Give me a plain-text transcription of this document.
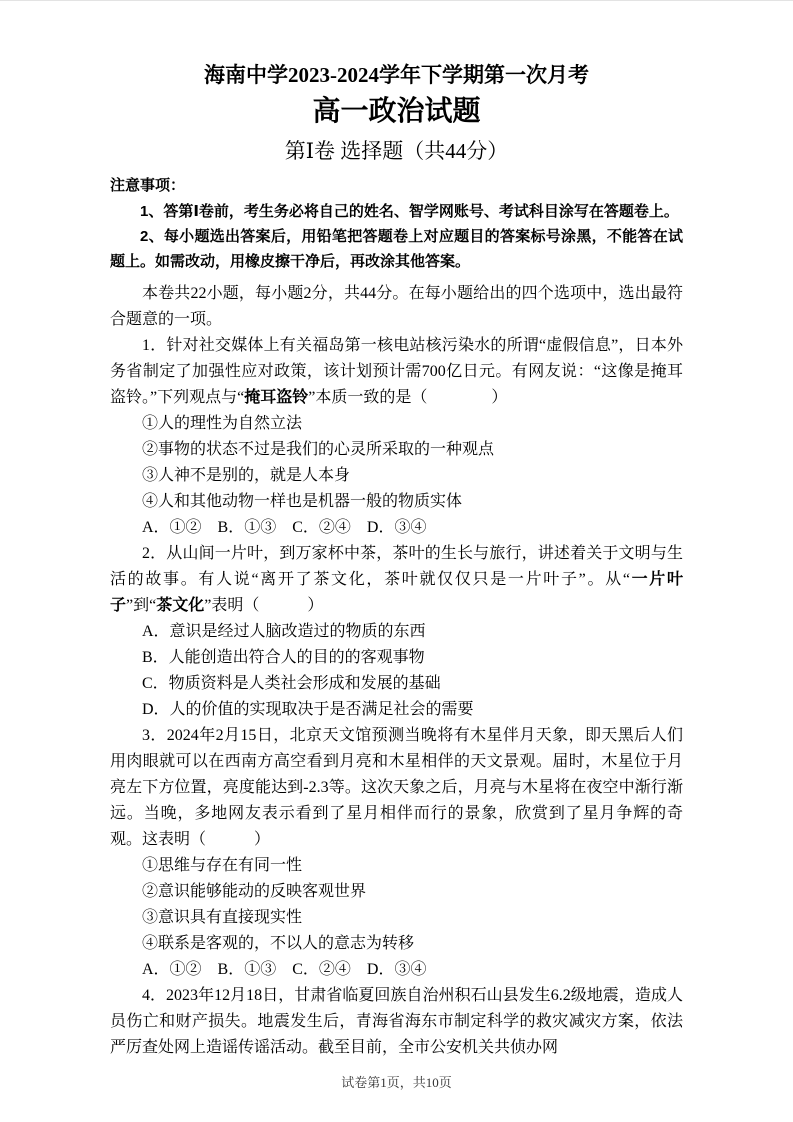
海南中学2023-2024学年下学期第一次月考
高一政治试题
第Ⅰ卷 选择题（共44分）
注意事项：

1、答第Ⅰ卷前，考生务必将自己的姓名、智学网账号、考试科目涂写在答题卷上。

2、每小题选出答案后，用铅笔把答题卷上对应题目的答案标号涂黑，不能答在试题上。如需改动，用橡皮擦干净后，再改涂其他答案。

本卷共22小题，每小题2分，共44分。在每小题给出的四个选项中，选出最符合题意的一项。

1．针对社交媒体上有关福岛第一核电站核污染水的所谓“虚假信息”，日本外务省制定了加强性应对政策，该计划预计需700亿日元。有网友说：“这像是掩耳盗铃。”下列观点与“掩耳盗铃”本质一致的是（　　　　）

①人的理性为自然立法

②事物的状态不过是我们的心灵所采取的一种观点

③人神不是别的，就是人本身

④人和其他动物一样也是机器一般的物质实体

A．①②　B．①③　C．②④　D．③④

2．从山间一片叶，到万家杯中茶，茶叶的生长与旅行，讲述着关于文明与生活的故事。有人说“离开了茶文化，茶叶就仅仅只是一片叶子”。从“一片叶子”到“茶文化”表明（　　　）

A．意识是经过人脑改造过的物质的东西

B．人能创造出符合人的目的的客观事物

C．物质资料是人类社会形成和发展的基础

D．人的价值的实现取决于是否满足社会的需要

3．2024年2月15日，北京天文馆预测当晚将有木星伴月天象，即天黑后人们用肉眼就可以在西南方高空看到月亮和木星相伴的天文景观。届时，木星位于月亮左下方位置，亮度能达到-2.3等。这次天象之后，月亮与木星将在夜空中渐行渐远。当晚，多地网友表示看到了星月相伴而行的景象，欣赏到了星月争辉的奇观。这表明（　　　）

①思维与存在有同一性

②意识能够能动的反映客观世界

③意识具有直接现实性

④联系是客观的，不以人的意志为转移

A．①②　B．①③　C．②④　D．③④

4．2023年12月18日，甘肃省临夏回族自治州积石山县发生6.2级地震，造成人员伤亡和财产损失。地震发生后，青海省海东市制定科学的救灾减灾方案，依法严厉查处网上造谣传谣活动。截至目前，全市公安机关共侦办网

试卷第1页，共10页
